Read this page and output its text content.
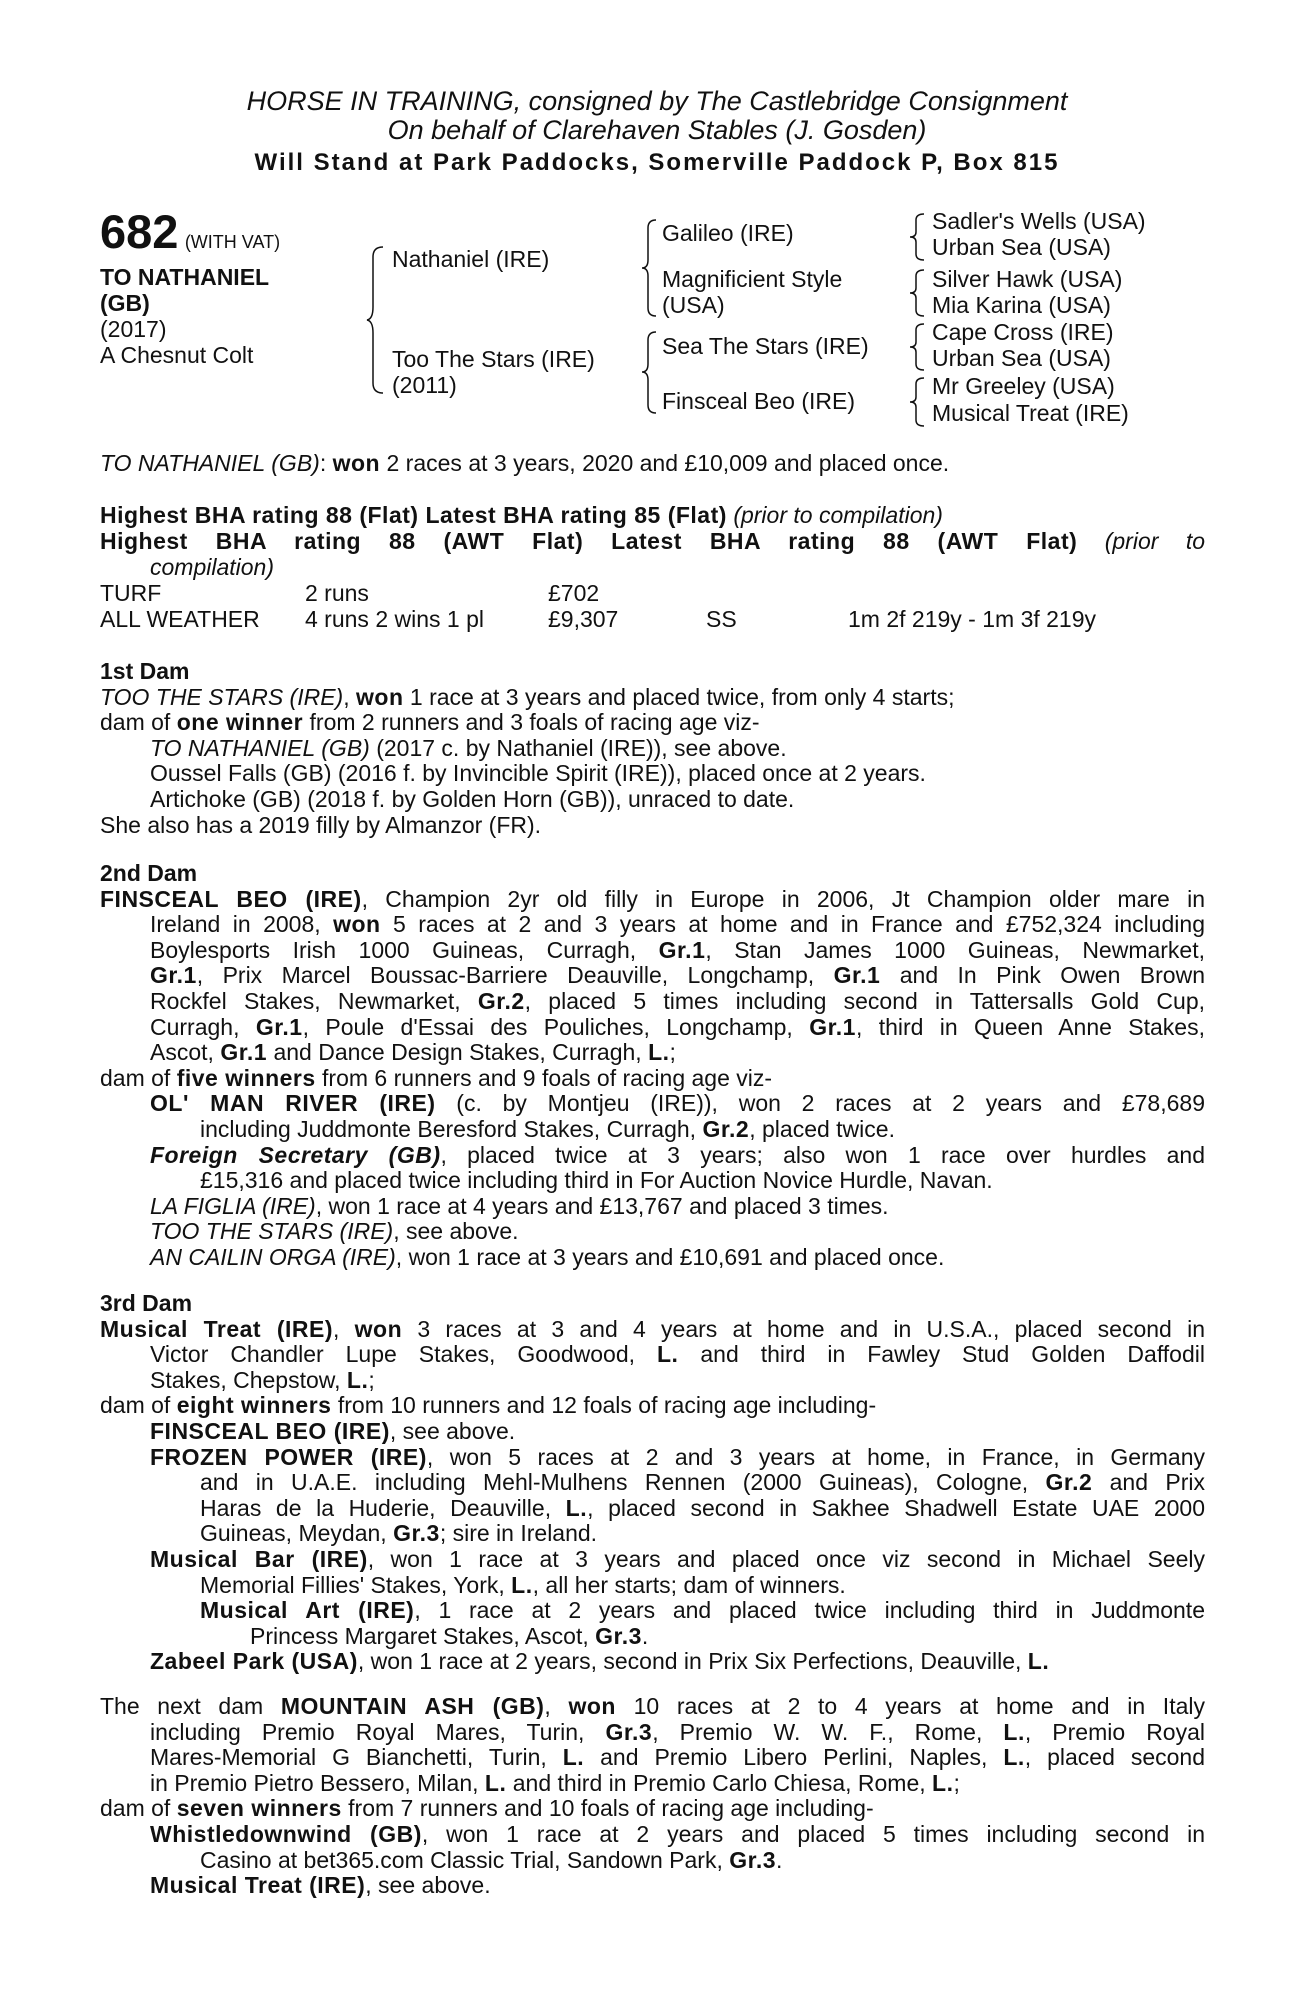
HORSE IN TRAINING, consigned by The Castlebridge Consignment
On behalf of Clarehaven Stables (J. Gosden)
Will Stand at Park Paddocks, Somerville Paddock P, Box 815
682 (WITH VAT)
TO NATHANIEL
(GB)
(2017)
A Chesnut Colt
Nathaniel (IRE)
Too The Stars (IRE)
(2011)
Galileo (IRE)
Magnificient Style
(USA)
Sea The Stars (IRE)
Finsceal Beo (IRE)
Sadler's Wells (USA)
Urban Sea (USA)
Silver Hawk (USA)
Mia Karina (USA)
Cape Cross (IRE)
Urban Sea (USA)
Mr Greeley (USA)
Musical Treat (IRE)
TO NATHANIEL (GB): won 2 races at 3 years, 2020 and £10,009 and placed once.
Highest BHA rating 88 (Flat) Latest BHA rating 85 (Flat) (prior to compilation)
Highest BHA rating 88 (AWT Flat) Latest BHA rating 88 (AWT Flat) (prior to
compilation)
TURF	2 runs	£702
ALL WEATHER 4 runs 2 wins 1 pl	£9,307	SS	1m 2f 219y - 1m 3f 219y
1st Dam
TOO THE STARS (IRE), won 1 race at 3 years and placed twice, from only 4 starts;
dam of one winner from 2 runners and 3 foals of racing age viz-
TO NATHANIEL (GB) (2017 c. by Nathaniel (IRE)), see above.
Oussel Falls (GB) (2016 f. by Invincible Spirit (IRE)), placed once at 2 years.
Artichoke (GB) (2018 f. by Golden Horn (GB)), unraced to date.
She also has a 2019 filly by Almanzor (FR).
2nd Dam
FINSCEAL BEO (IRE), Champion 2yr old filly in Europe in 2006, Jt Champion older mare in
Ireland in 2008, won 5 races at 2 and 3 years at home and in France and £752,324 including
Boylesports Irish 1000 Guineas, Curragh, Gr.1, Stan James 1000 Guineas, Newmarket,
Gr.1, Prix Marcel Boussac-Barriere Deauville, Longchamp, Gr.1 and In Pink Owen Brown
Rockfel Stakes, Newmarket, Gr.2, placed 5 times including second in Tattersalls Gold Cup,
Curragh, Gr.1, Poule d'Essai des Pouliches, Longchamp, Gr.1, third in Queen Anne Stakes,
Ascot, Gr.1 and Dance Design Stakes, Curragh, L.;
dam of five winners from 6 runners and 9 foals of racing age viz-
OL' MAN RIVER (IRE) (c. by Montjeu (IRE)), won 2 races at 2 years and £78,689
including Juddmonte Beresford Stakes, Curragh, Gr.2, placed twice.
Foreign Secretary (GB), placed twice at 3 years; also won 1 race over hurdles and
£15,316 and placed twice including third in For Auction Novice Hurdle, Navan.
LA FIGLIA (IRE), won 1 race at 4 years and £13,767 and placed 3 times.
TOO THE STARS (IRE), see above.
AN CAILIN ORGA (IRE), won 1 race at 3 years and £10,691 and placed once.
3rd Dam
Musical Treat (IRE), won 3 races at 3 and 4 years at home and in U.S.A., placed second in
Victor Chandler Lupe Stakes, Goodwood, L. and third in Fawley Stud Golden Daffodil
Stakes, Chepstow, L.;
dam of eight winners from 10 runners and 12 foals of racing age including-
FINSCEAL BEO (IRE), see above.
FROZEN POWER (IRE), won 5 races at 2 and 3 years at home, in France, in Germany
and in U.A.E. including Mehl-Mulhens Rennen (2000 Guineas), Cologne, Gr.2 and Prix
Haras de la Huderie, Deauville, L., placed second in Sakhee Shadwell Estate UAE 2000
Guineas, Meydan, Gr.3; sire in Ireland.
Musical Bar (IRE), won 1 race at 3 years and placed once viz second in Michael Seely
Memorial Fillies' Stakes, York, L., all her starts; dam of winners.
Musical Art (IRE), 1 race at 2 years and placed twice including third in Juddmonte
Princess Margaret Stakes, Ascot, Gr.3.
Zabeel Park (USA), won 1 race at 2 years, second in Prix Six Perfections, Deauville, L.
The next dam MOUNTAIN ASH (GB), won 10 races at 2 to 4 years at home and in Italy
including Premio Royal Mares, Turin, Gr.3, Premio W. W. F., Rome, L., Premio Royal
Mares-Memorial G Bianchetti, Turin, L. and Premio Libero Perlini, Naples, L., placed second
in Premio Pietro Bessero, Milan, L. and third in Premio Carlo Chiesa, Rome, L.;
dam of seven winners from 7 runners and 10 foals of racing age including-
Whistledownwind (GB), won 1 race at 2 years and placed 5 times including second in
Casino at bet365.com Classic Trial, Sandown Park, Gr.3.
Musical Treat (IRE), see above.
